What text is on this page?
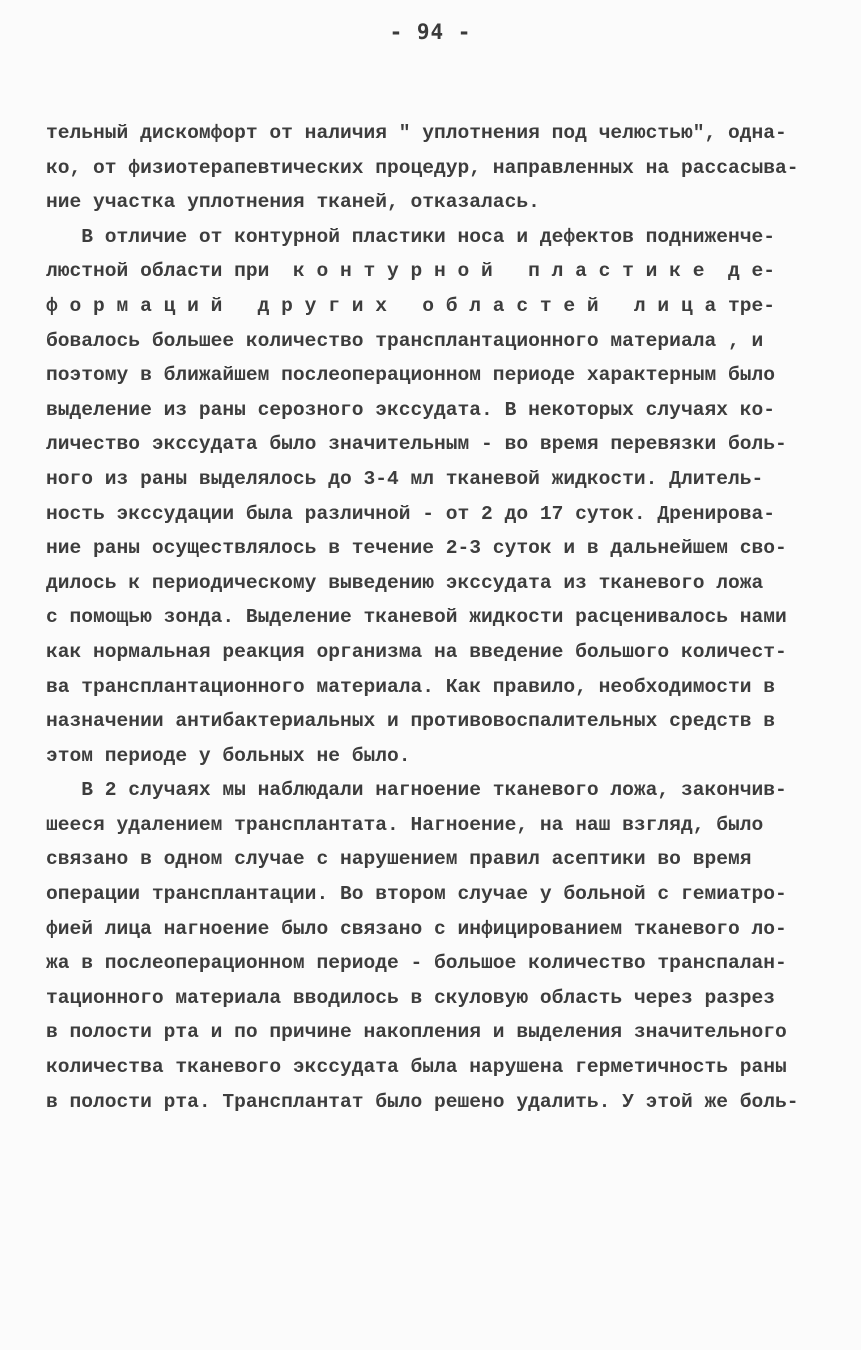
- 94 -
тельный дискомфорт от наличия " уплотнения под челюстью", одна-
ко, от физиотерапевтических процедур, направленных на рассасыва-
ние участка уплотнения тканей, отказалась.
В отличие от контурной пластики носа и дефектов подниженче-
люстной области при  к о н т у р н о й   п л а с т и к е  д е-
ф о р м а ц и й   д р у г и х   о б л а с т е й   л и ц а тре-
бовалось большее количество трансплантационного материала , и
поэтому в ближайшем послеоперационном периоде характерным было
выделение из раны серозного экссудата. В некоторых случаях ко-
личество экссудата было значительным - во время перевязки боль-
ного из раны выделялось до 3-4 мл тканевой жидкости. Длитель-
ность экссудации была различной - от 2 до 17 суток. Дренирова-
ние раны осуществлялось в течение 2-3 суток и в дальнейшем сво-
дилось к периодическому выведению экссудата из тканевого ложа
с помощью зонда. Выделение тканевой жидкости расценивалось нами
как нормальная реакция организма на введение большого количест-
ва трансплантационного материала. Как правило, необходимости в
назначении антибактериальных и противовоспалительных средств в
этом периоде у больных не было.
В 2 случаях мы наблюдали нагноение тканевого ложа, закончив-
шееся удалением трансплантата. Нагноение, на наш взгляд, было
связано в одном случае с нарушением правил асептики во время
операции трансплантации. Во втором случае у больной с гемиатро-
фией лица нагноение было связано с инфицированием тканевого ло-
жа в послеоперационном периоде - большое количество транспалан-
тационного материала вводилось в скуловую область через разрез
в полости рта и по причине накопления и выделения значительного
количества тканевого экссудата была нарушена герметичность раны
в полости рта. Трансплантат было решено удалить. У этой же боль-
